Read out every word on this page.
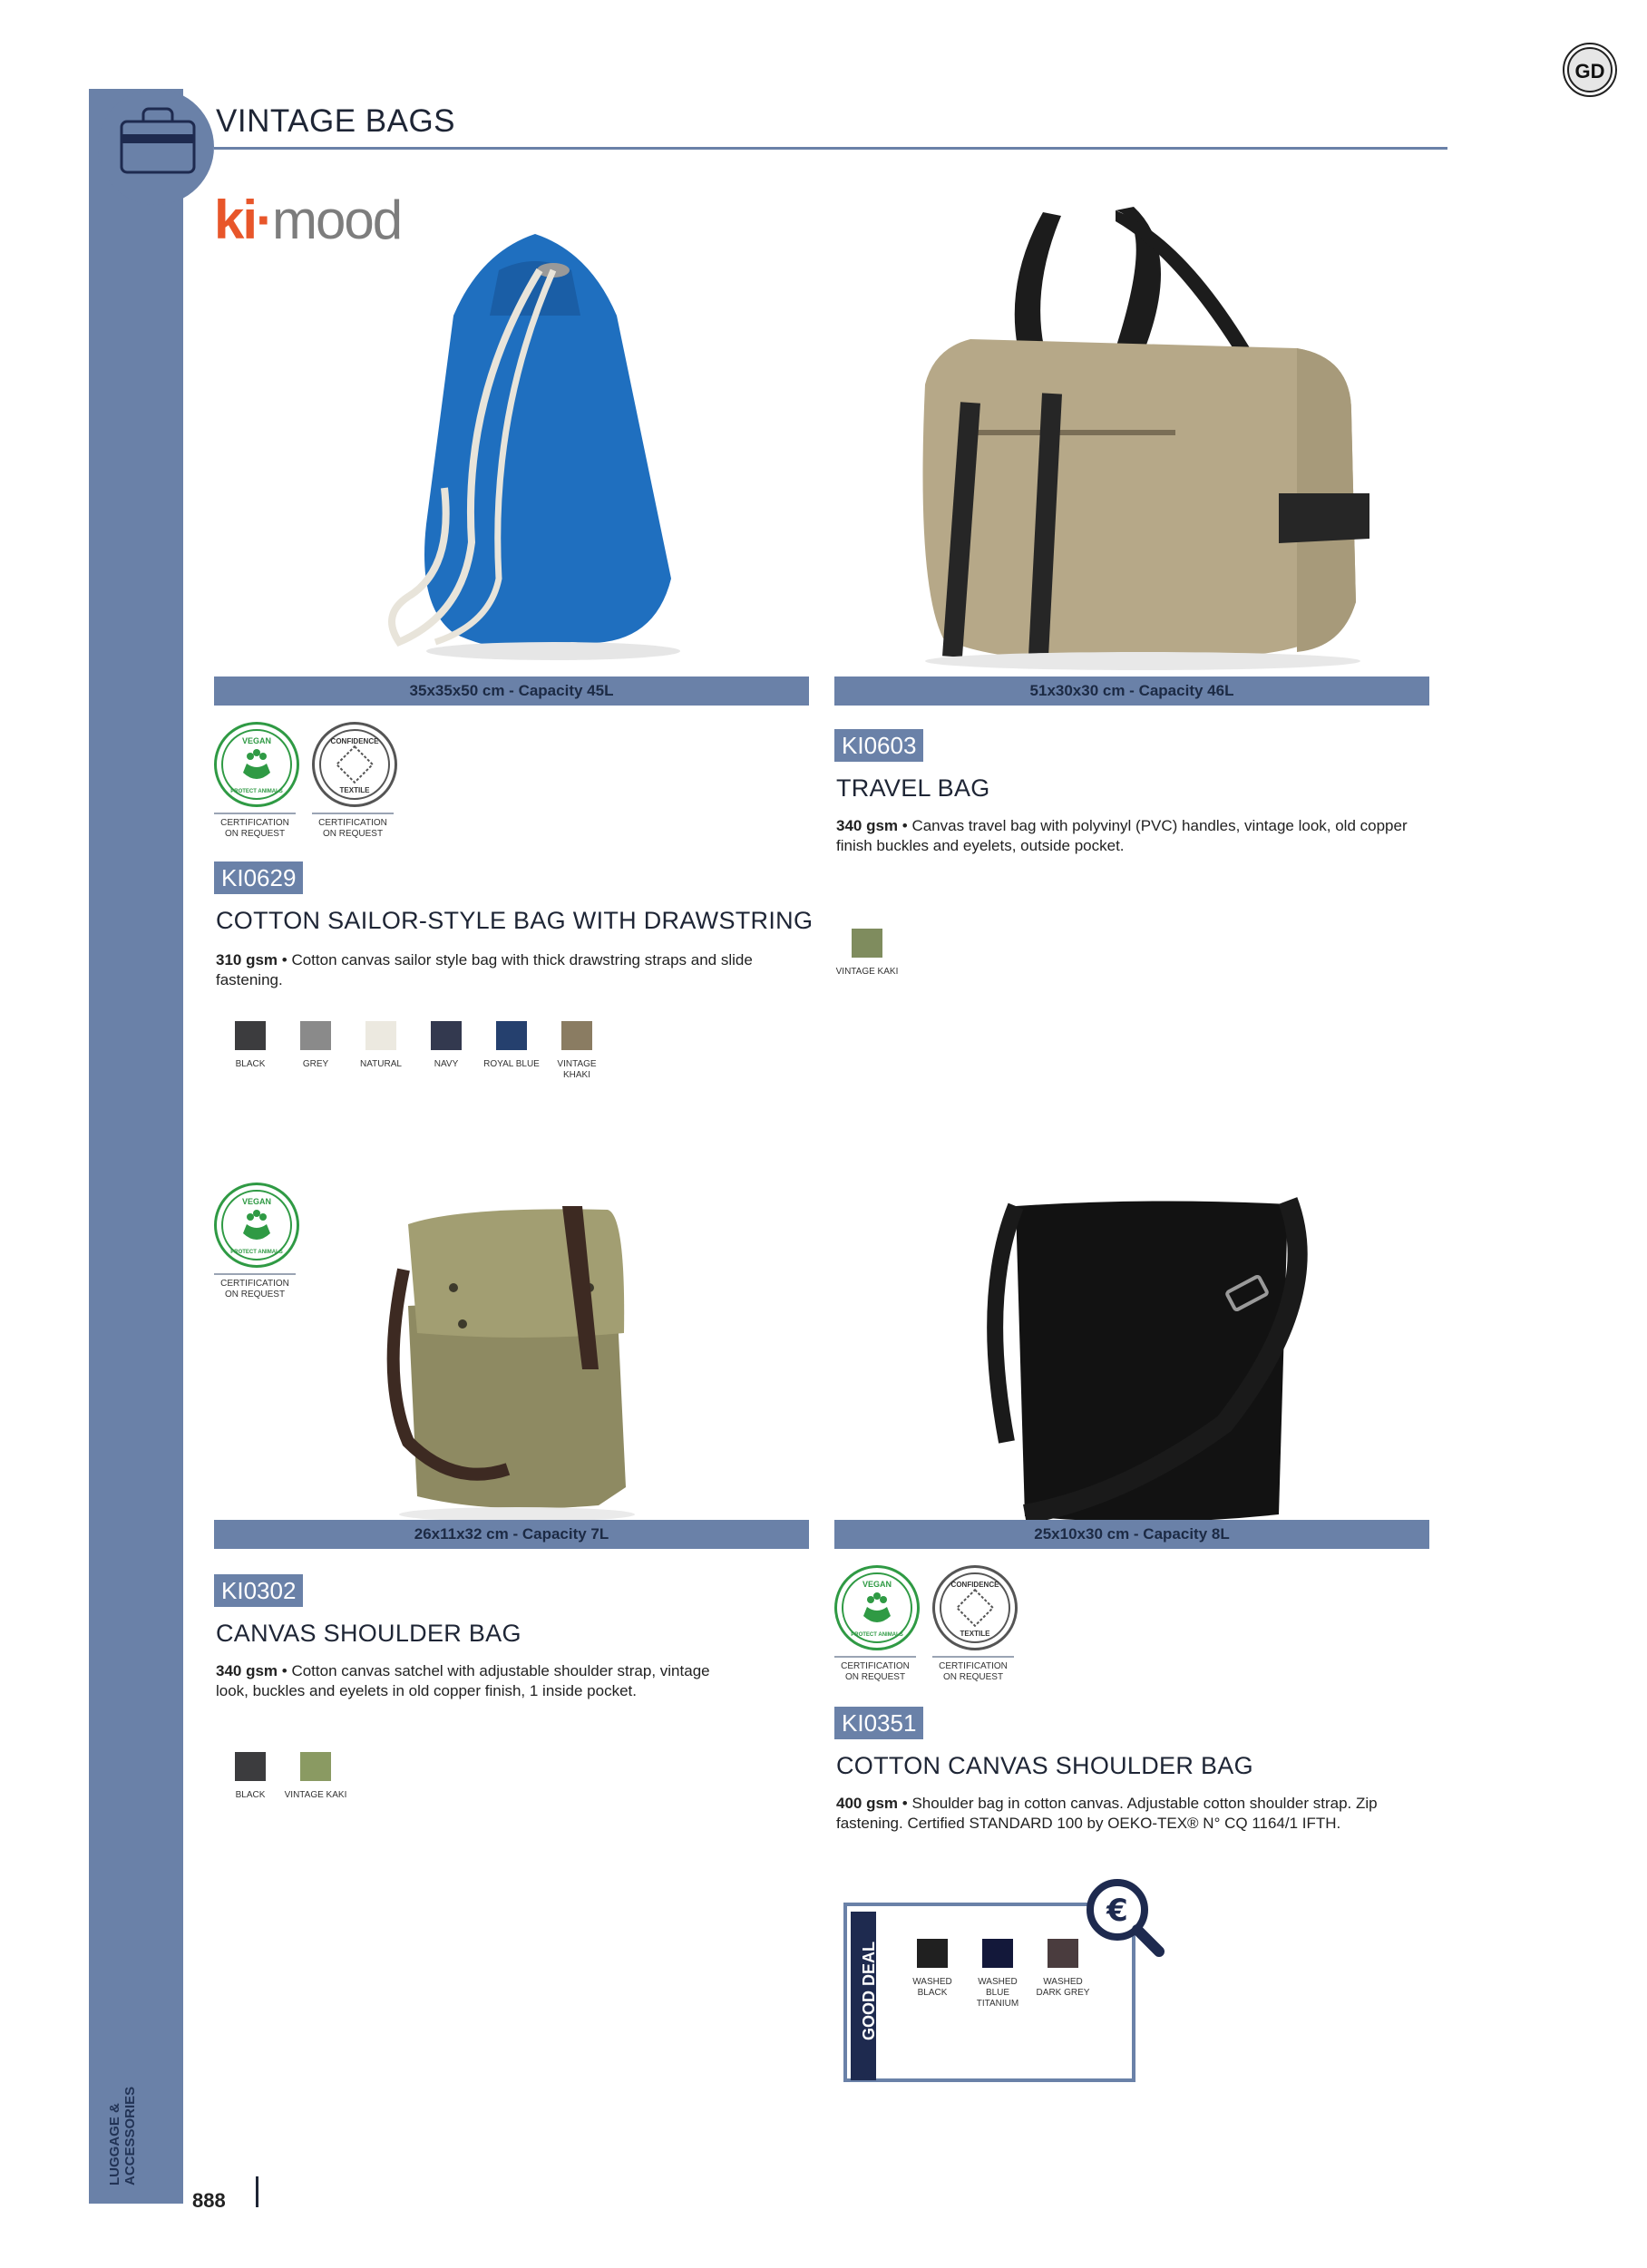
LUGGAGE & ACCESSORIES
VINTAGE BAGS
GD
ki·mood
35x35x50 cm - Capacity 45L
VEGAN
PROTECT ANIMALS
CERTIFICATION ON REQUEST
CONFIDENCE
TEXTILE
CERTIFICATION ON REQUEST
KI0629
COTTON SAILOR-STYLE BAG WITH DRAWSTRING
310 gsm • Cotton canvas sailor style bag with thick drawstring straps and slide fastening.
BLACK	GREY	NATURAL	NAVY	ROYAL BLUE	VINTAGE KHAKI
51x30x30 cm - Capacity 46L
KI0603
TRAVEL BAG
340 gsm • Canvas travel bag with polyvinyl (PVC) handles, vintage look, old copper finish buckles and eyelets, outside pocket.
VINTAGE KAKI
VEGAN
PROTECT ANIMALS
CERTIFICATION ON REQUEST
26x11x32 cm - Capacity 7L
KI0302
CANVAS SHOULDER BAG
340 gsm • Cotton canvas satchel with adjustable shoulder strap, vintage look, buckles and eyelets in old copper finish, 1 inside pocket.
BLACK	VINTAGE KAKI
25x10x30 cm - Capacity 8L
VEGAN
PROTECT ANIMALS
CERTIFICATION ON REQUEST
CONFIDENCE
TEXTILE
CERTIFICATION ON REQUEST
KI0351
COTTON CANVAS SHOULDER BAG
400 gsm • Shoulder bag in cotton canvas. Adjustable cotton shoulder strap. Zip fastening. Certified STANDARD 100 by OEKO-TEX® N° CQ 1164/1 IFTH.
GOOD DEAL
€
WASHED BLACK
WASHED BLUE TITANIUM
WASHED DARK GREY
888
